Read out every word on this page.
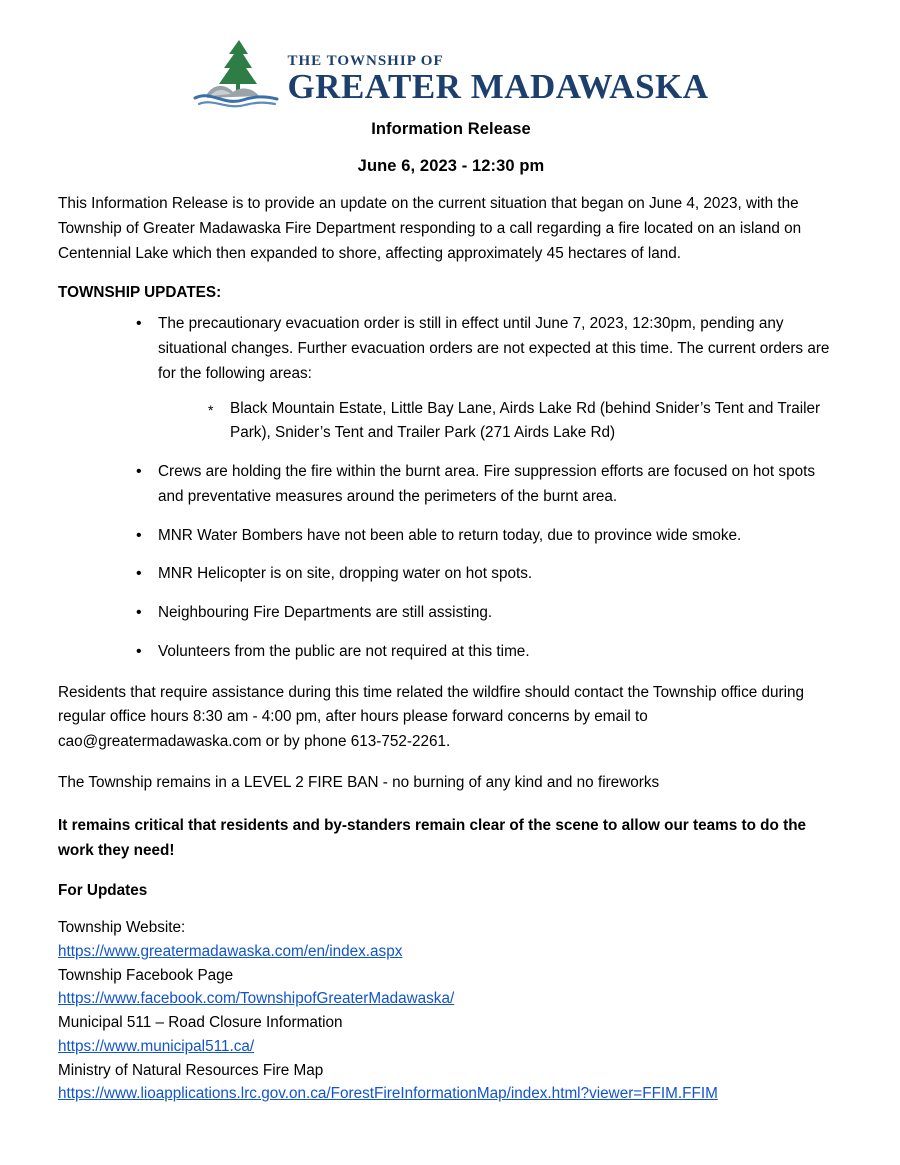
THE TOWNSHIP OF
GREATER MADAWASKA
Information Release
June 6, 2023 - 12:30 pm

This Information Release is to provide an update on the current situation that began on June 4, 2023, with the Township of Greater Madawaska Fire Department responding to a call regarding a fire located on an island on Centennial Lake which then expanded to shore, affecting approximately 45 hectares of land.

TOWNSHIP UPDATES:
• The precautionary evacuation order is still in effect until June 7, 2023, 12:30pm, pending any situational changes. Further evacuation orders are not expected at this time. The current orders are for the following areas:
* Black Mountain Estate, Little Bay Lane, Airds Lake Rd (behind Snider’s Tent and Trailer Park), Snider’s Tent and Trailer Park (271 Airds Lake Rd)
• Crews are holding the fire within the burnt area. Fire suppression efforts are focused on hot spots and preventative measures around the perimeters of the burnt area.
• MNR Water Bombers have not been able to return today, due to province wide smoke.
• MNR Helicopter is on site, dropping water on hot spots.
• Neighbouring Fire Departments are still assisting.
• Volunteers from the public are not required at this time.

Residents that require assistance during this time related the wildfire should contact the Township office during regular office hours 8:30 am - 4:00 pm, after hours please forward concerns by email to cao@greatermadawaska.com or by phone 613-752-2261.

The Township remains in a LEVEL 2 FIRE BAN - no burning of any kind and no fireworks

It remains critical that residents and by-standers remain clear of the scene to allow our teams to do the work they need!

For Updates
Township Website:
https://www.greatermadawaska.com/en/index.aspx
Township Facebook Page
https://www.facebook.com/TownshipofGreaterMadawaska/
Municipal 511 – Road Closure Information
https://www.municipal511.ca/
Ministry of Natural Resources Fire Map
https://www.lioapplications.lrc.gov.on.ca/ForestFireInformationMap/index.html?viewer=FFIM.FFIM
